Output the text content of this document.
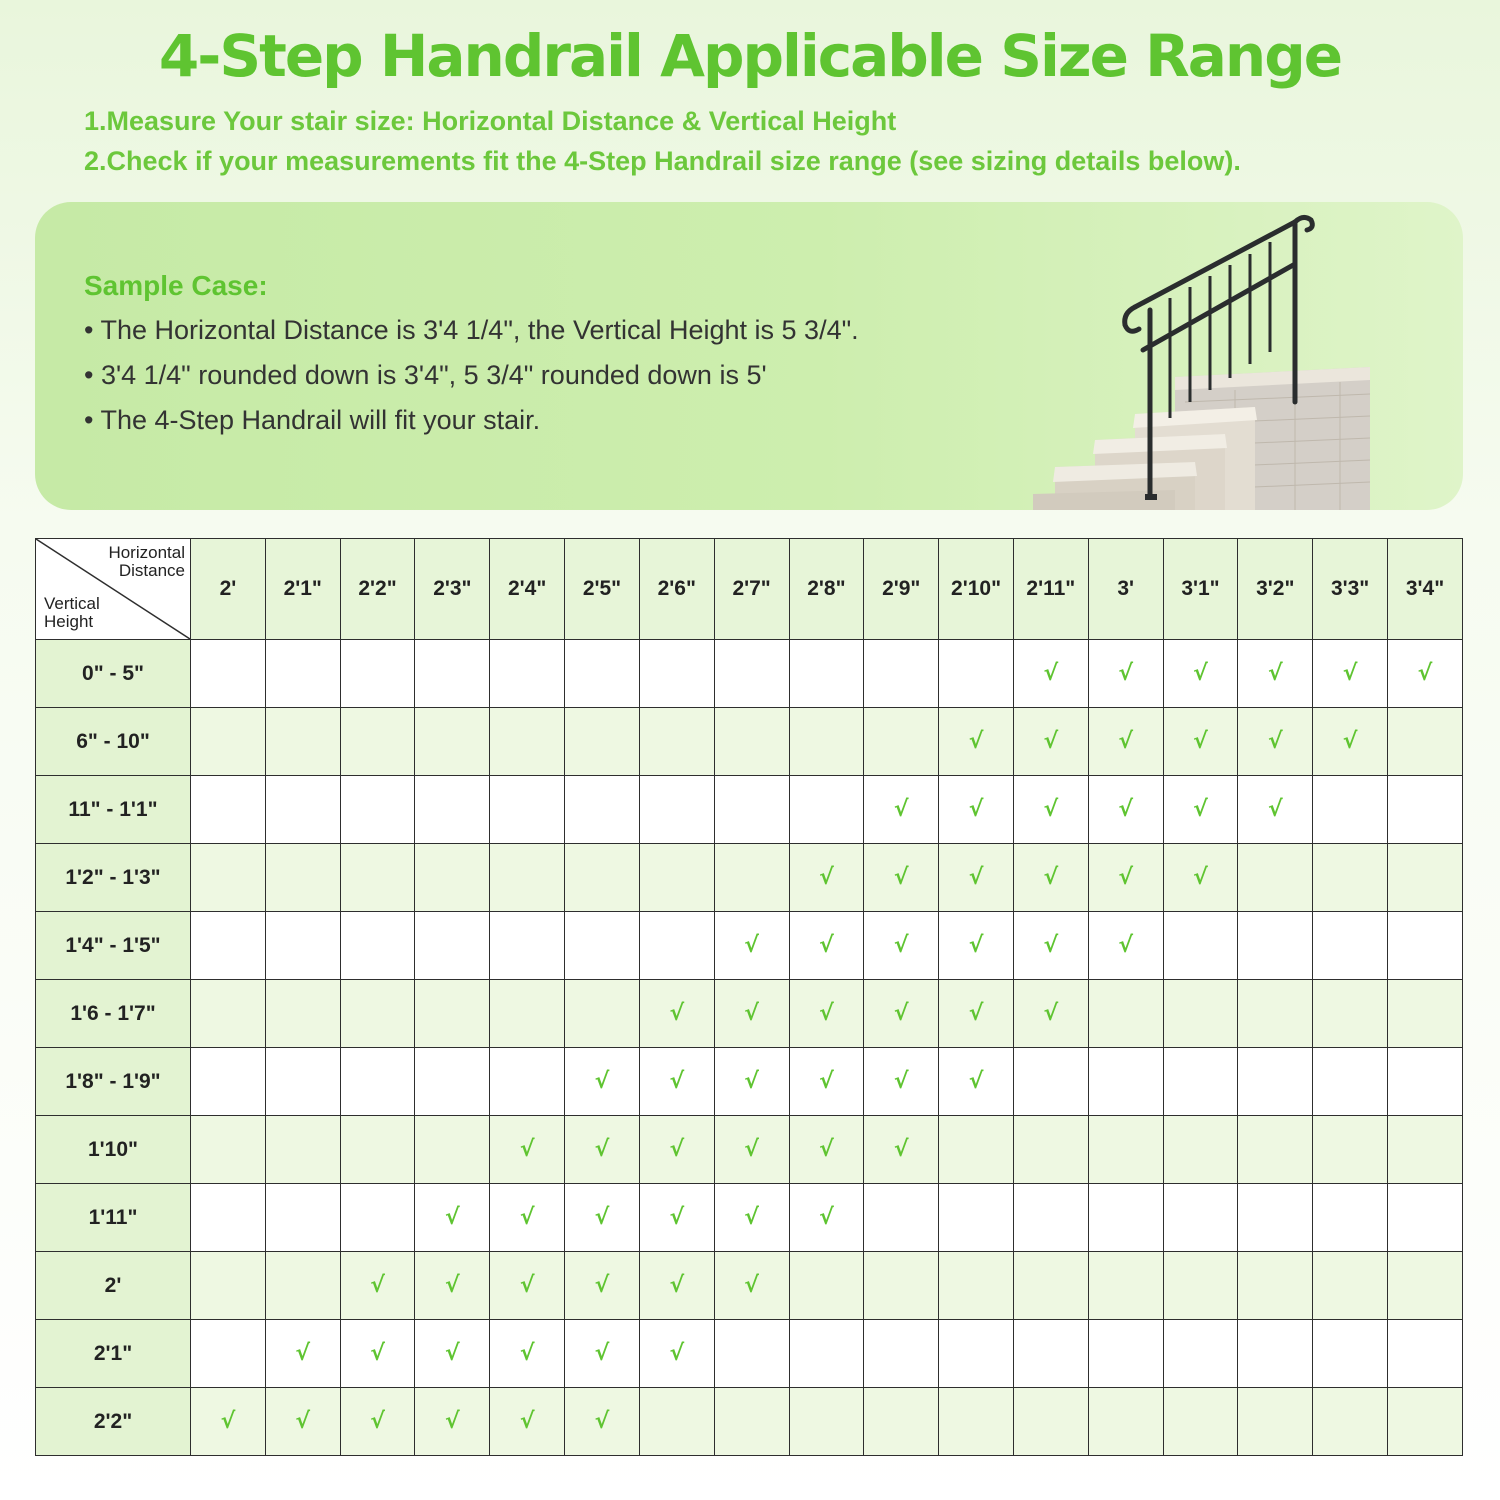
4-Step Handrail Applicable Size Range
1.Measure Your stair size: Horizontal Distance & Vertical Height
2.Check if your measurements fit the 4-Step Handrail size range (see sizing details below).
Sample Case:
• The Horizontal Distance is 3'4 1/4", the Vertical Height is 5 3/4".
• 3'4 1/4" rounded down is 3'4", 5 3/4" rounded down is 5'
• The 4-Step Handrail will fit your stair.
Horizontal
Distance
Vertical
Height	2'	2'1"	2'2"	2'3"	2'4"	2'5"	2'6"	2'7"	2'8"	2'9"	2'10"	2'11"	3'	3'1"	3'2"	3'3"	3'4"
0" - 5"												√	√	√	√	√	√
6" - 10"											√	√	√	√	√	√	
11" - 1'1"										√	√	√	√	√	√		
1'2" - 1'3"									√	√	√	√	√	√			
1'4" - 1'5"								√	√	√	√	√	√				
1'6 - 1'7"							√	√	√	√	√	√					
1'8" - 1'9"						√	√	√	√	√	√						
1'10"					√	√	√	√	√	√							
1'11"				√	√	√	√	√	√								
2'			√	√	√	√	√	√									
2'1"		√	√	√	√	√	√										
2'2"	√	√	√	√	√	√											
